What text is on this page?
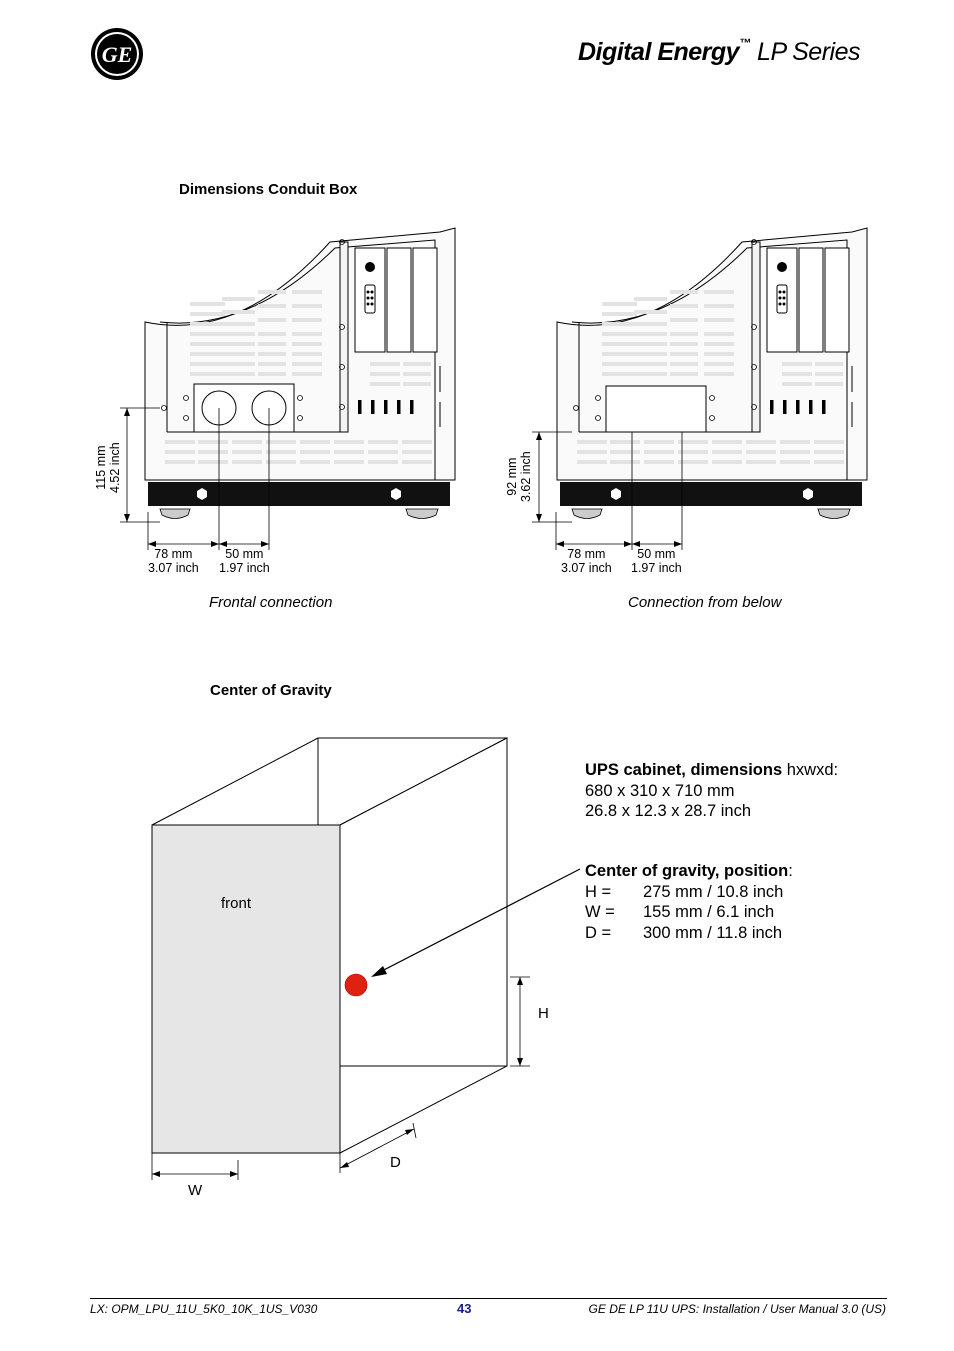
GE	Digital Energy™ LP Series
Dimensions Conduit Box
115 mm 4.52 inch
78 mm
3.07 inch
50 mm
1.97 inch
Frontal connection
92 mm 3.62 inch
78 mm
3.07 inch
50 mm
1.97 inch
Connection from below
Center of Gravity
front
H
D
W
UPS cabinet, dimensions hxwxd:
680 x 310 x 710 mm
26.8 x 12.3 x 28.7 inch
Center of gravity, position:
H =	275 mm / 10.8 inch
W =	155 mm / 6.1 inch
D =	300 mm / 11.8 inch
LX: OPM_LPU_11U_5K0_10K_1US_V030	43	GE DE LP 11U UPS: Installation / User Manual 3.0 (US)
